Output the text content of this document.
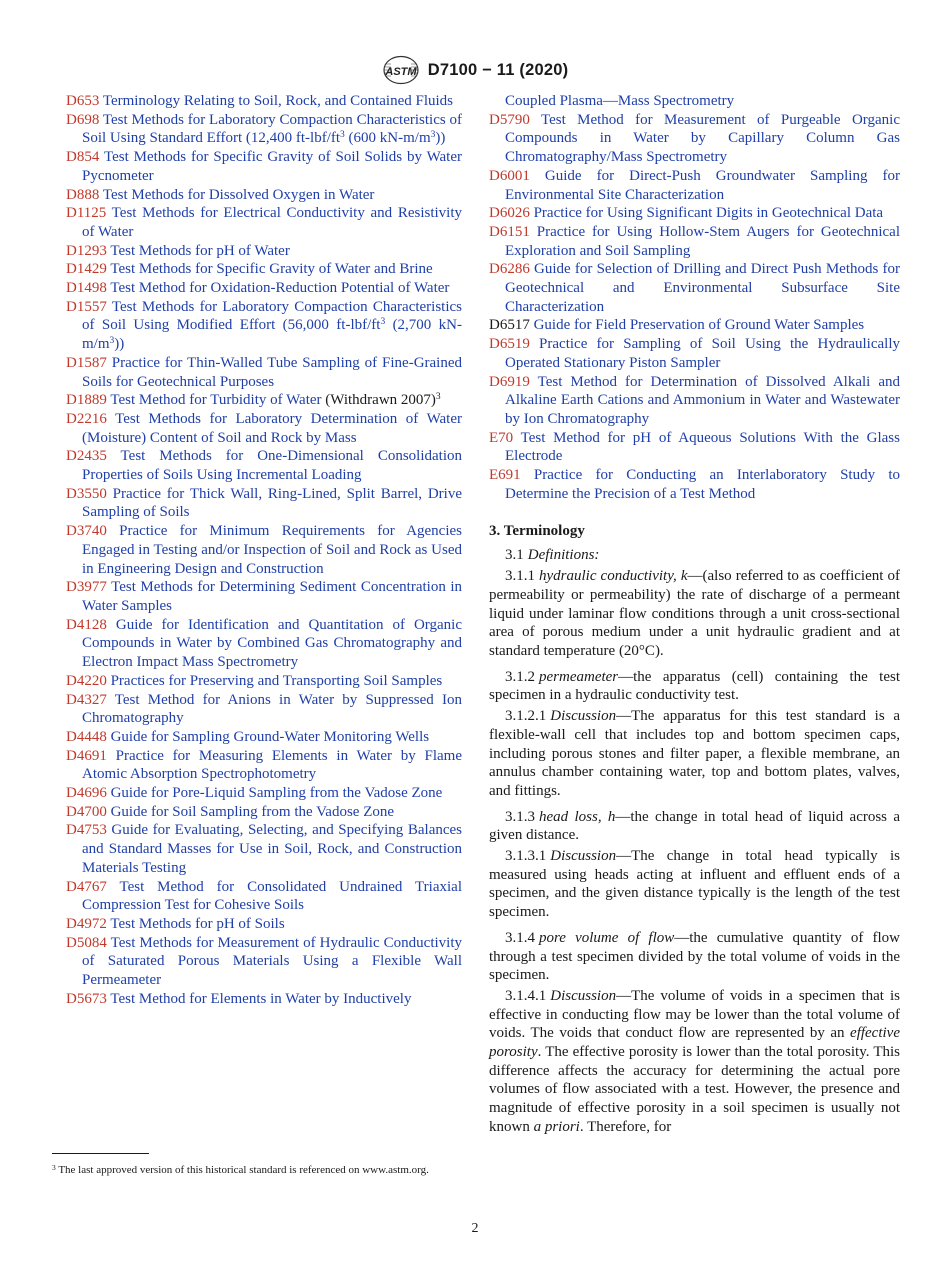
ASTM D7100 − 11 (2020)
D653 Terminology Relating to Soil, Rock, and Contained Fluids
D698 Test Methods for Laboratory Compaction Characteristics of Soil Using Standard Effort (12,400 $ft-lbf/ft^3$ (600 $kN-m/m^3$))
D854 Test Methods for Specific Gravity of Soil Solids by Water Pycnometer
D888 Test Methods for Dissolved Oxygen in Water
D1125 Test Methods for Electrical Conductivity and Resistivity of Water
D1293 Test Methods for pH of Water
D1429 Test Methods for Specific Gravity of Water and Brine
D1498 Test Method for Oxidation-Reduction Potential of Water
D1557 Test Methods for Laboratory Compaction Characteristics of Soil Using Modified Effort (56,000 $ft-lbf/ft^3$ (2,700 $kN-m/m^3$))
D1587 Practice for Thin-Walled Tube Sampling of Fine-Grained Soils for Geotechnical Purposes
D1889 Test Method for Turbidity of Water (Withdrawn 2007)$^3$
D2216 Test Methods for Laboratory Determination of Water (Moisture) Content of Soil and Rock by Mass
D2435 Test Methods for One-Dimensional Consolidation Properties of Soils Using Incremental Loading
D3550 Practice for Thick Wall, Ring-Lined, Split Barrel, Drive Sampling of Soils
D3740 Practice for Minimum Requirements for Agencies Engaged in Testing and/or Inspection of Soil and Rock as Used in Engineering Design and Construction
D3977 Test Methods for Determining Sediment Concentration in Water Samples
D4128 Guide for Identification and Quantitation of Organic Compounds in Water by Combined Gas Chromatography and Electron Impact Mass Spectrometry
D4220 Practices for Preserving and Transporting Soil Samples
D4327 Test Method for Anions in Water by Suppressed Ion Chromatography
D4448 Guide for Sampling Ground-Water Monitoring Wells
D4691 Practice for Measuring Elements in Water by Flame Atomic Absorption Spectrophotometry
D4696 Guide for Pore-Liquid Sampling from the Vadose Zone
D4700 Guide for Soil Sampling from the Vadose Zone
D4753 Guide for Evaluating, Selecting, and Specifying Balances and Standard Masses for Use in Soil, Rock, and Construction Materials Testing
D4767 Test Method for Consolidated Undrained Triaxial Compression Test for Cohesive Soils
D4972 Test Methods for pH of Soils
D5084 Test Methods for Measurement of Hydraulic Conductivity of Saturated Porous Materials Using a Flexible Wall Permeameter
D5673 Test Method for Elements in Water by Inductively
Coupled Plasma—Mass Spectrometry
D5790 Test Method for Measurement of Purgeable Organic Compounds in Water by Capillary Column Gas Chromatography/Mass Spectrometry
D6001 Guide for Direct-Push Groundwater Sampling for Environmental Site Characterization
D6026 Practice for Using Significant Digits in Geotechnical Data
D6151 Practice for Using Hollow-Stem Augers for Geotechnical Exploration and Soil Sampling
D6286 Guide for Selection of Drilling and Direct Push Methods for Geotechnical and Environmental Subsurface Site Characterization
D6517 Guide for Field Preservation of Ground Water Samples
D6519 Practice for Sampling of Soil Using the Hydraulically Operated Stationary Piston Sampler
D6919 Test Method for Determination of Dissolved Alkali and Alkaline Earth Cations and Ammonium in Water and Wastewater by Ion Chromatography
E70 Test Method for pH of Aqueous Solutions With the Glass Electrode
E691 Practice for Conducting an Interlaboratory Study to Determine the Precision of a Test Method
3. Terminology
3.1 Definitions:
3.1.1 hydraulic conductivity, k—(also referred to as coefficient of permeability or permeability) the rate of discharge of a permeant liquid under laminar flow conditions through a unit cross-sectional area of porous medium under a unit hydraulic gradient and at standard temperature (20°C).
3.1.2 permeameter—the apparatus (cell) containing the test specimen in a hydraulic conductivity test.
3.1.2.1 Discussion—The apparatus for this test standard is a flexible-wall cell that includes top and bottom specimen caps, including porous stones and filter paper, a flexible membrane, an annulus chamber containing water, top and bottom plates, valves, and fittings.
3.1.3 head loss, h—the change in total head of liquid across a given distance.
3.1.3.1 Discussion—The change in total head typically is measured using heads acting at influent and effluent ends of a specimen, and the given distance typically is the length of the test specimen.
3.1.4 pore volume of flow—the cumulative quantity of flow through a test specimen divided by the total volume of voids in the specimen.
3.1.4.1 Discussion—The volume of voids in a specimen that is effective in conducting flow may be lower than the total volume of voids. The voids that conduct flow are represented by an effective porosity. The effective porosity is lower than the total porosity. This difference affects the accuracy for determining the actual pore volumes of flow associated with a test. However, the presence and magnitude of effective porosity in a soil specimen is usually not known a priori. Therefore, for
$^3$ The last approved version of this historical standard is referenced on www.astm.org.
2
